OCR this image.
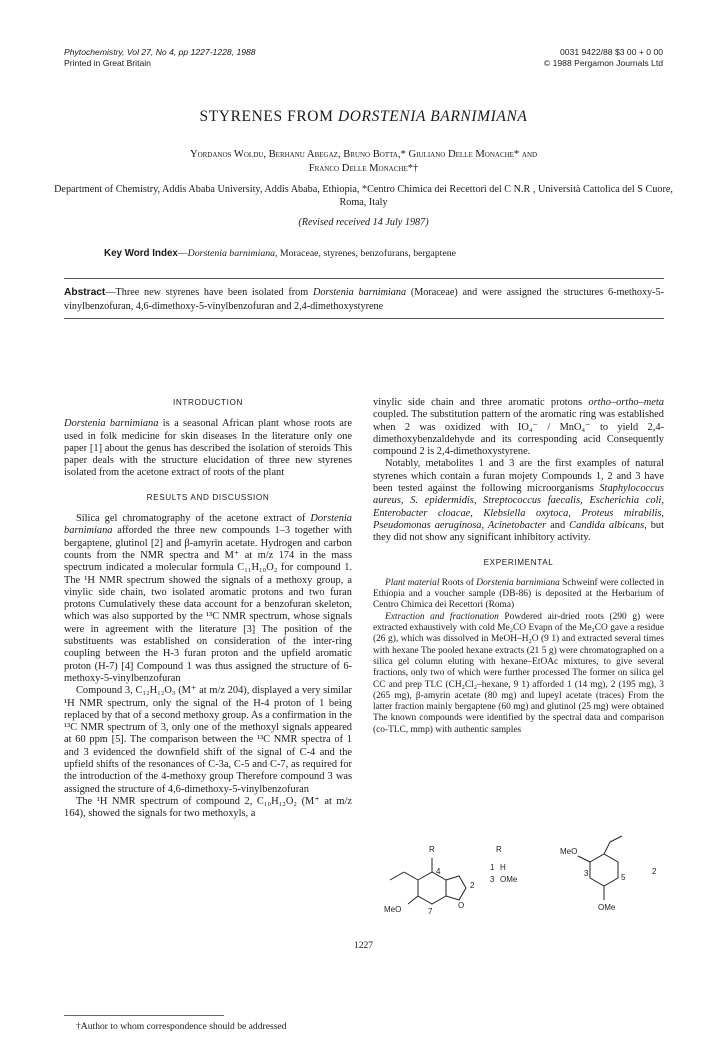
Phytochemistry, Vol 27, No 4, pp 1227-1228, 1988
Printed in Great Britain
0031 9422/88 $3 00 + 0 00
© 1988 Pergamon Journals Ltd
STYRENES FROM DORSTENIA BARNIMIANA
Yordanos Woldu, Berhanu Abegaz, Bruno Botta,* Giuliano Delle Monache* and
Franco Delle Monache*†
Department of Chemistry, Addis Ababa University, Addis Ababa, Ethiopia, *Centro Chimica dei Recettori del C N.R , Università Cattolica del S Cuore, Roma, Italy
(Revised received 14 July 1987)
Key Word Index—Dorstenia barnimiana, Moraceae, styrenes, benzofurans, bergaptene
Abstract—Three new styrenes have been isolated from Dorstenia barnimiana (Moraceae) and were assigned the structures 6-methoxy-5-vinylbenzofuran, 4,6-dimethoxy-5-vinylbenzofuran and 2,4-dimethoxystyrene
INTRODUCTION

Dorstenia barnimiana is a seasonal African plant whose roots are used in folk medicine for skin diseases In the literature only one paper [1] about the genus has described the isolation of steroids This paper deals with the structure elucidation of three new styrenes isolated from the acetone extract of roots of the plant

RESULTS AND DISCUSSION

Silica gel chromatography of the acetone extract of Dorstenia barnimiana afforded the three new compounds 1–3 together with bergaptene, glutinol [2] and β-amyrin acetate. Hydrogen and carbon counts from the NMR spectra and M⁺ at m/z 174 in the mass spectrum indicated a molecular formula C₁₁H₁₀O₂ for compound 1. The ¹H NMR spectrum showed the signals of a methoxy group, a vinylic side chain, two isolated aromatic protons and two furan protons Cumulatively these data account for a benzofuran skeleton, which was also supported by the ¹³C NMR spectrum, whose signals were in agreement with the literature [3] The position of the substituents was established on consideration of the inter-ring coupling between the H-3 furan proton and the upfield aromatic proton (H-7) [4] Compound 1 was thus assigned the structure of 6-methoxy-5-vinylbenzofuran

Compound 3, C₁₂H₁₂O₃ (M⁺ at m/z 204), displayed a very similar ¹H NMR spectrum, only the signal of the H-4 proton of 1 being replaced by that of a second methoxy group. As a confirmation in the ¹³C NMR spectrum of 3, only one of the methoxyl signals appeared at 60 ppm [5]. The comparison between the ¹³C NMR spectra of 1 and 3 evidenced the downfield shift of the signal of C-4 and the upfield shifts of the resonances of C-3a, C-5 and C-7, as required for the introduction of the 4-methoxy group Therefore compound 3 was assigned the structure of 4,6-dimethoxy-5-vinylbenzofuran

The ¹H NMR spectrum of compound 2, C₁₀H₁₂O₂ (M⁺ at m/z 164), showed the signals for two methoxyls, a

vinylic side chain and three aromatic protons ortho–ortho–meta coupled. The substitution pattern of the aromatic ring was established when 2 was oxidized with IO₄⁻ / MnO₄⁻ to yield 2,4-dimethoxybenzaldehyde and its corresponding acid Consequently compound 2 is 2,4-dimethoxystyrene.

Notably, metabolites 1 and 3 are the first examples of natural styrenes which contain a furan mojety Compounds 1, 2 and 3 have been tested against the following microorganisms Staphylococcus aureus, S. epidermidis, Streptococcus faecalis, Escherichia coli, Enterobacter cloacae, Klebsiella oxytoca, Proteus mirabilis, Pseudomonas aeruginosa, Acinetobacter and Candida albicans, but they did not show any significant inhibitory activity.

EXPERIMENTAL

Plant material Roots of Dorstenia barnimiana Schweinf were collected in Ethiopia and a voucher sample (DB-86) is deposited at the Herbarium of Centro Chimica dei Recettori (Roma)

Extraction and fractionation Powdered air-dried roots (290 g) were extracted exhaustively with cold Me₂CO Evapn of the Me₂CO gave a residue (26 g), which was dissolved in MeOH–H₂O (9 1) and extracted several times with hexane The pooled hexane extracts (21 5 g) were chromatographed on a silica gel column eluting with hexane–EtOAc mixtures, to give several fractions, only two of which were further processed The former on silica gel CC and prep TLC (CH₂Cl₂–hexane, 9 1) afforded 1 (14 mg), 2 (195 mg), 3 (265 mg), β-amyrin acetate (80 mg) and lupeyl acetate (traces) From the latter fraction mainly bergaptene (60 mg) and glutinol (25 mg) were obtained The known compounds were identified by the spectral data and comparison (co-TLC, mmp) with authentic samples

R
4
2
7
O
MeO
R
1 H
3 OMe
MeO
OMe
3	5
2
1227
†Author to whom correspondence should be addressed
